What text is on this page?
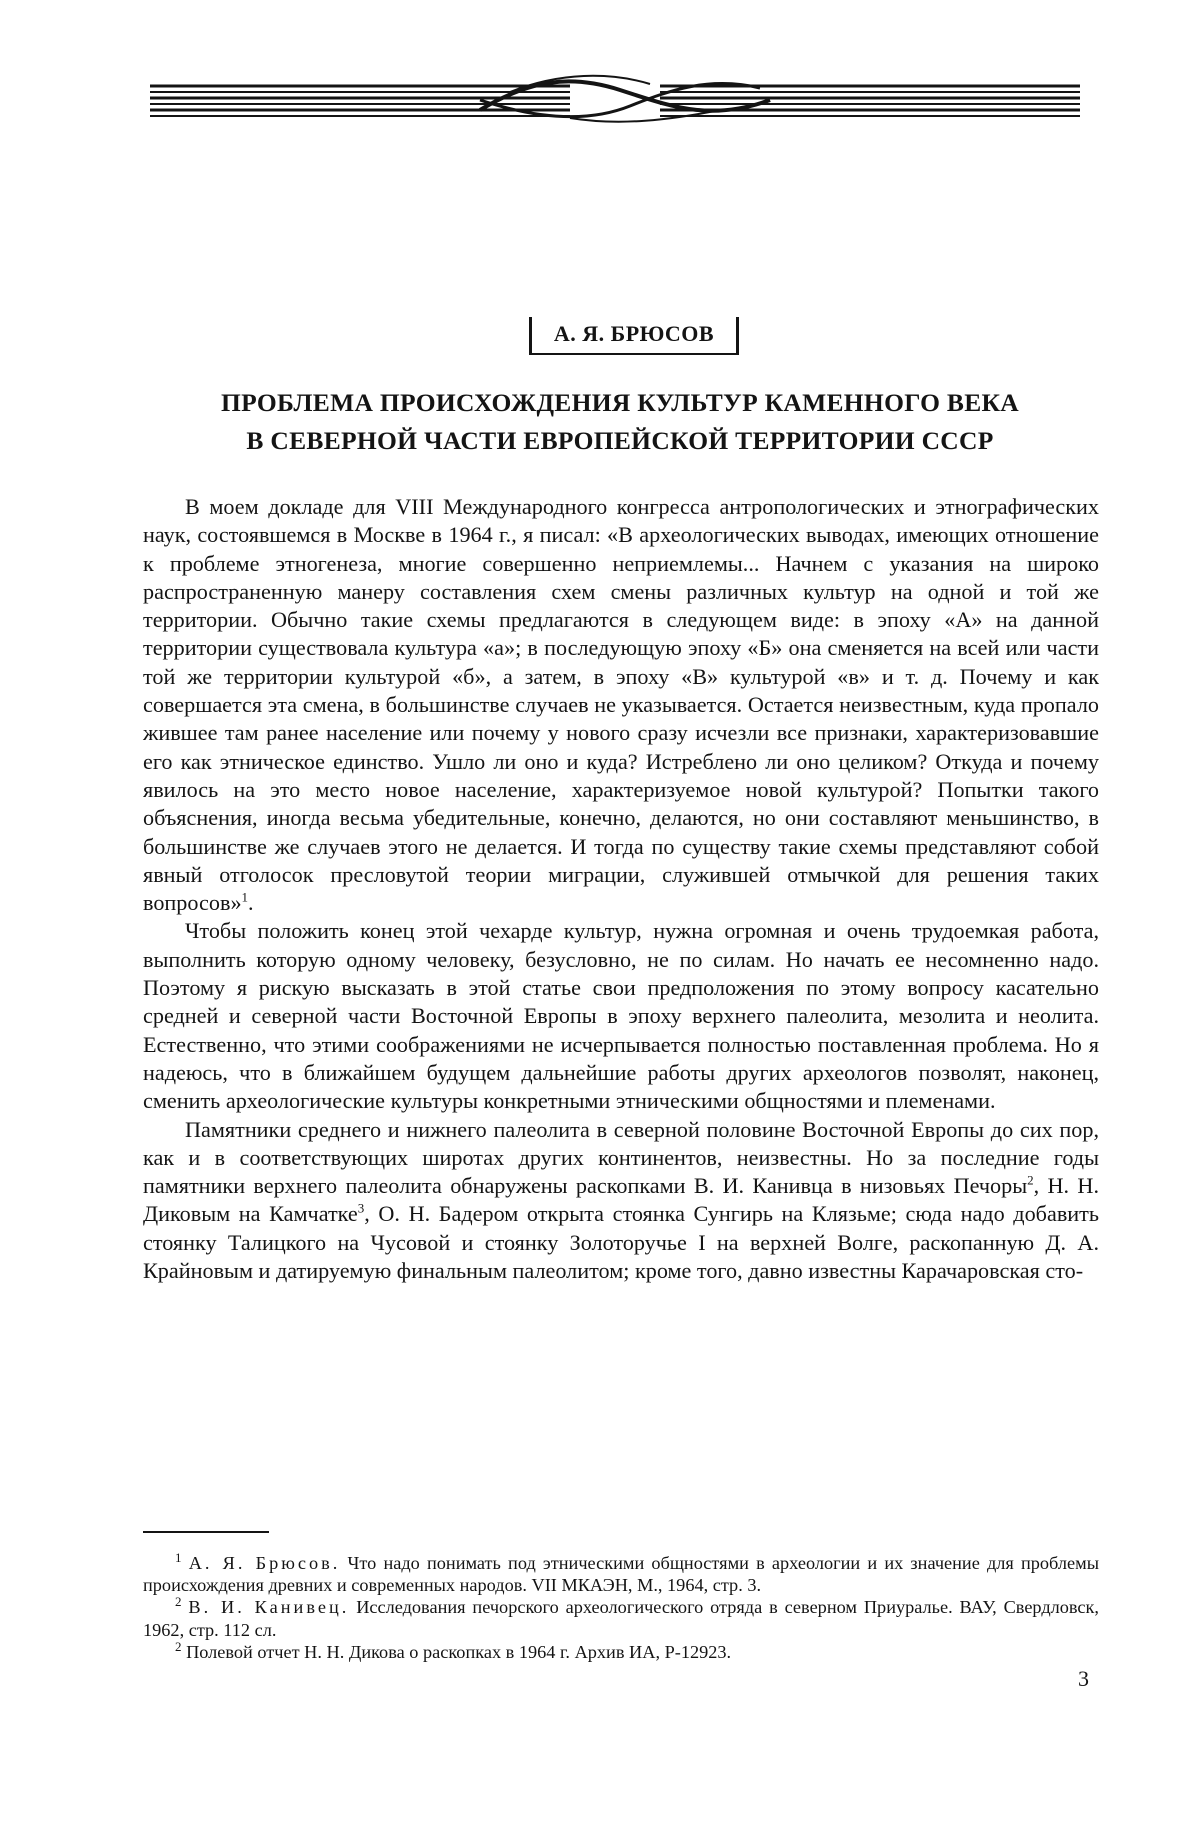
А. Я. БРЮСОВ
ПРОБЛЕМА ПРОИСХОЖДЕНИЯ КУЛЬТУР КАМЕННОГО ВЕКА
В СЕВЕРНОЙ ЧАСТИ ЕВРОПЕЙСКОЙ ТЕРРИТОРИИ СССР

В моем докладе для VIII Международного конгресса антропологических и этнографических наук, состоявшемся в Москве в 1964 г., я писал: «В археологических выводах, имеющих отношение к проблеме этногенеза, многие совершенно неприемлемы... Начнем с указания на широко распространенную манеру составления схем смены различных культур на одной и той же территории. Обычно такие схемы предлагаются в следующем виде: в эпоху «А» на данной территории существовала культура «а»; в последующую эпоху «Б» она сменяется на всей или части той же территории культурой «б», а затем, в эпоху «В» культурой «в» и т. д. Почему и как совершается эта смена, в большинстве случаев не указывается. Остается неизвестным, куда пропало жившее там ранее население или почему у нового сразу исчезли все признаки, характеризовавшие его как этническое единство. Ушло ли оно и куда? Истреблено ли оно целиком? Откуда и почему явилось на это место новое население, характеризуемое новой культурой? Попытки такого объяснения, иногда весьма убедительные, конечно, делаются, но они составляют меньшинство, в большинстве же случаев этого не делается. И тогда по существу такие схемы представляют собой явный отголосок пресловутой теории миграции, служившей отмычкой для решения таких вопросов»$^1$.

Чтобы положить конец этой чехарде культур, нужна огромная и очень трудоемкая работа, выполнить которую одному человеку, безусловно, не по силам. Но начать ее несомненно надо. Поэтому я рискую высказать в этой статье свои предположения по этому вопросу касательно средней и северной части Восточной Европы в эпоху верхнего палеолита, мезолита и неолита. Естественно, что этими соображениями не исчерпывается полностью поставленная проблема. Но я надеюсь, что в ближайшем будущем дальнейшие работы других археологов позволят, наконец, сменить археологические культуры конкретными этническими общностями и племенами.

Памятники среднего и нижнего палеолита в северной половине Восточной Европы до сих пор, как и в соответствующих широтах других континентов, неизвестны. Но за последние годы памятники верхнего палеолита обнаружены раскопками В. И. Канивца в низовьях Печоры$^2$, Н. Н. Диковым на Камчатке$^3$, О. Н. Бадером открыта стоянка Сунгирь на Клязьме; сюда надо добавить стоянку Талицкого на Чусовой и стоянку Золоторучье I на верхней Волге, раскопанную Д. А. Крайновым и датируемую финальным палеолитом; кроме того, давно известны Карачаровская сто-

$^1$ А. Я. Брюсов. Что надо понимать под этническими общностями в археологии и их значение для проблемы происхождения древних и современных народов. VII МКАЭН, М., 1964, стр. 3.

$^2$ В. И. Канивец. Исследования печорского археологического отряда в северном Приуралье. ВАУ, Свердловск, 1962, стр. 112 сл.

$^2$ Полевой отчет Н. Н. Дикова о раскопках в 1964 г. Архив ИА, Р-12923.

3
